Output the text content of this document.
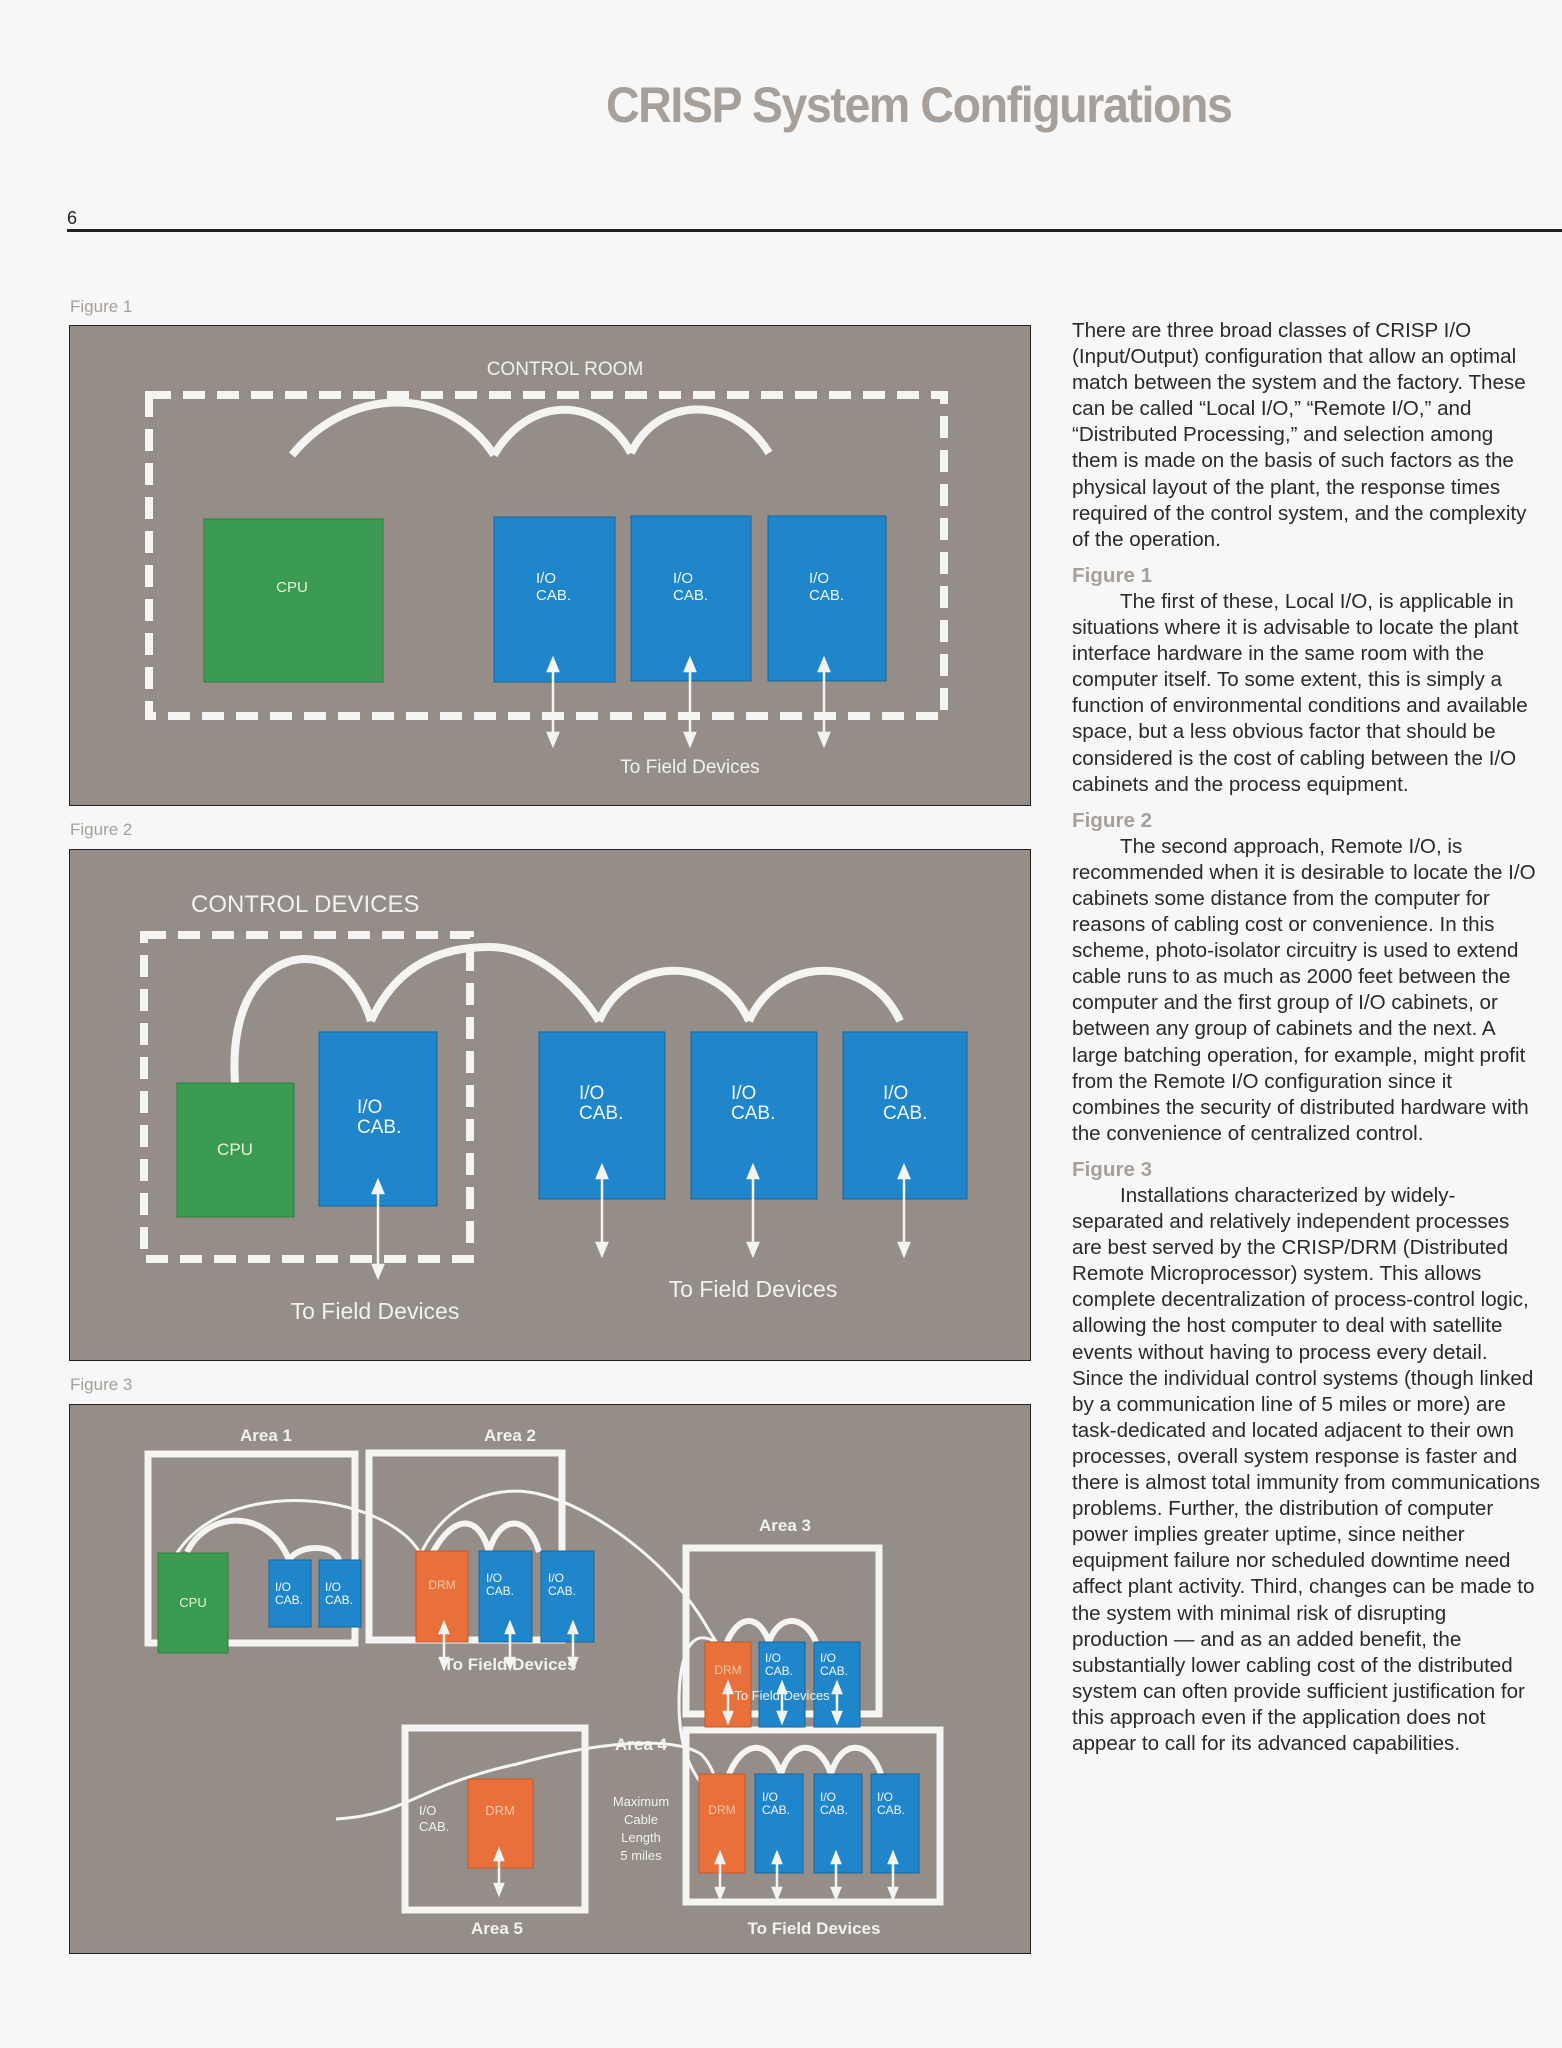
CRISP System Configurations
6
Figure 1
CONTROL ROOM
CPU
I/O
CAB.
I/O
CAB.
I/O
CAB.
To Field Devices
Figure 2
CONTROL DEVICES
CPU
I/O
CAB.
I/O
CAB.
I/O
CAB.
I/O
CAB.
To Field Devices
To Field Devices
Figure 3
Area 1	Area 2
Area 3
Area 4
Area 5
CPU
I/O
CAB.
I/O
CAB.
DRM	I/O
CAB.
I/O
CAB.
To Field Devices	DRM
I/O
CAB.
I/O
CAB.
To Field Devices
DRM
I/O
CAB.
I/O
CAB.
I/O
CAB.
To Field Devices
I/O
CAB.
DRM
Maximum
Cable
Length
5 miles

There are three broad classes of CRISP I/O (Input/Output) configuration that allow an optimal match between the system and the factory. These can be called “Local I/O,” “Remote I/O,” and “Distributed Processing,” and selection among them is made on the basis of such factors as the physical layout of the plant, the response times required of the control system, and the complexity of the operation.

Figure 1

The first of these, Local I/O, is applicable in situations where it is advisable to locate the plant interface hardware in the same room with the computer itself. To some extent, this is simply a function of environmental conditions and available space, but a less obvious factor that should be considered is the cost of cabling between the I/O cabinets and the process equipment.

Figure 2

The second approach, Remote I/O, is recommended when it is desirable to locate the I/O cabinets some distance from the computer for reasons of cabling cost or convenience. In this scheme, photo-isolator circuitry is used to extend cable runs to as much as 2000 feet between the computer and the first group of I/O cabinets, or between any group of cabinets and the next. A large batching operation, for example, might profit from the Remote I/O configuration since it combines the security of distributed hardware with the convenience of centralized control.

Figure 3

Installations characterized by widely-separated and relatively independent processes are best served by the CRISP/DRM (Distributed Remote Microprocessor) system. This allows complete decentralization of process-control logic, allowing the host computer to deal with satellite events without having to process every detail. Since the individual control systems (though linked by a communication line of 5 miles or more) are task-dedicated and located adjacent to their own processes, overall system response is faster and there is almost total immunity from communications problems. Further, the distribution of computer power implies greater uptime, since neither equipment failure nor scheduled downtime need affect plant activity. Third, changes can be made to the system with minimal risk of disrupting production — and as an added benefit, the substantially lower cabling cost of the distributed system can often provide sufficient justification for this approach even if the application does not appear to call for its advanced capabilities.
